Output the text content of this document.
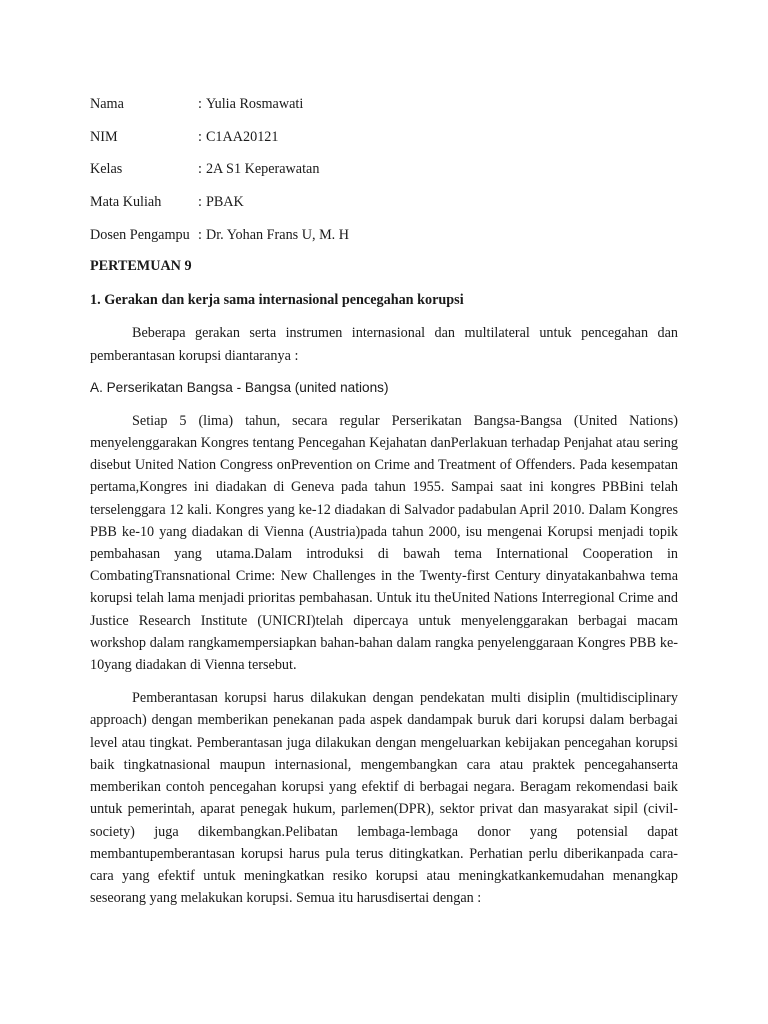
Nama	: Yulia Rosmawati
NIM	: C1AA20121
Kelas	: 2A S1 Keperawatan
Mata Kuliah	: PBAK
Dosen Pengampu : Dr. Yohan Frans U, M. H

PERTEMUAN 9

1. Gerakan dan kerja sama internasional pencegahan korupsi

Beberapa gerakan serta instrumen internasional dan multilateral untuk pencegahan dan pemberantasan korupsi diantaranya :

A. Perserikatan Bangsa - Bangsa (united nations)

Setiap 5 (lima) tahun, secara regular Perserikatan Bangsa-Bangsa (United Nations) menyelenggarakan Kongres tentang Pencegahan Kejahatan danPerlakuan terhadap Penjahat atau sering disebut United Nation Congress onPrevention on Crime and Treatment of Offenders. Pada kesempatan pertama,Kongres ini diadakan di Geneva pada tahun 1955. Sampai saat ini kongres PBBini telah terselenggara 12 kali. Kongres yang ke-12 diadakan di Salvador padabulan April 2010. Dalam Kongres PBB ke-10 yang diadakan di Vienna (Austria)pada tahun 2000, isu mengenai Korupsi menjadi topik pembahasan yang utama.Dalam introduksi di bawah tema International Cooperation in CombatingTransnational Crime: New Challenges in the Twenty-first Century dinyatakanbahwa tema korupsi telah lama menjadi prioritas pembahasan. Untuk itu theUnited Nations Interregional Crime and Justice Research Institute (UNICRI)telah dipercaya untuk menyelenggarakan berbagai macam workshop dalam rangkamempersiapkan bahan-bahan dalam rangka penyelenggaraan Kongres PBB ke-10yang diadakan di Vienna tersebut.

Pemberantasan korupsi harus dilakukan dengan pendekatan multi disiplin (multidisciplinary approach) dengan memberikan penekanan pada aspek dandampak buruk dari korupsi dalam berbagai level atau tingkat. Pemberantasan juga dilakukan dengan mengeluarkan kebijakan pencegahan korupsi baik tingkatnasional maupun internasional, mengembangkan cara atau praktek pencegahanserta memberikan contoh pencegahan korupsi yang efektif di berbagai negara. Beragam rekomendasi baik untuk pemerintah, aparat penegak hukum, parlemen(DPR), sektor privat dan masyarakat sipil (civil-society) juga dikembangkan.Pelibatan lembaga-lembaga donor yang potensial dapat membantupemberantasan korupsi harus pula terus ditingkatkan. Perhatian perlu diberikanpada cara-cara yang efektif untuk meningkatkan resiko korupsi atau meningkatkankemudahan menangkap seseorang yang melakukan korupsi. Semua itu harusdisertai dengan :
